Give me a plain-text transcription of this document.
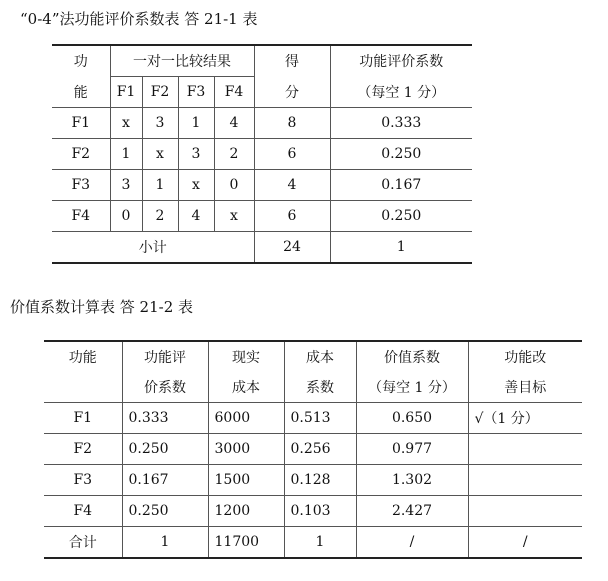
“0-4”法功能评价系数表 答 21-1 表
功	一对一比较结果				得	功能评价系数
能	F1	F2	F3	F4	分	（每空 1 分）
F1	x	3	1	4	8	0.333
F2	1	x	3	2	6	0.250
F3	3	1	x	0	4	0.167
F4	0	2	4	x	6	0.250
小计					24	1
价值系数计算表 答 21-2 表
功能	功能评	现实	成本	价值系数	功能改
	价系数	成本	系数	（每空 1 分）	善目标
F1	0.333	6000	0.513	0.650	√（1 分）
F2	0.250	3000	0.256	0.977	
F3	0.167	1500	0.128	1.302	
F4	0.250	1200	0.103	2.427	
合计	1	11700	1	/	/
